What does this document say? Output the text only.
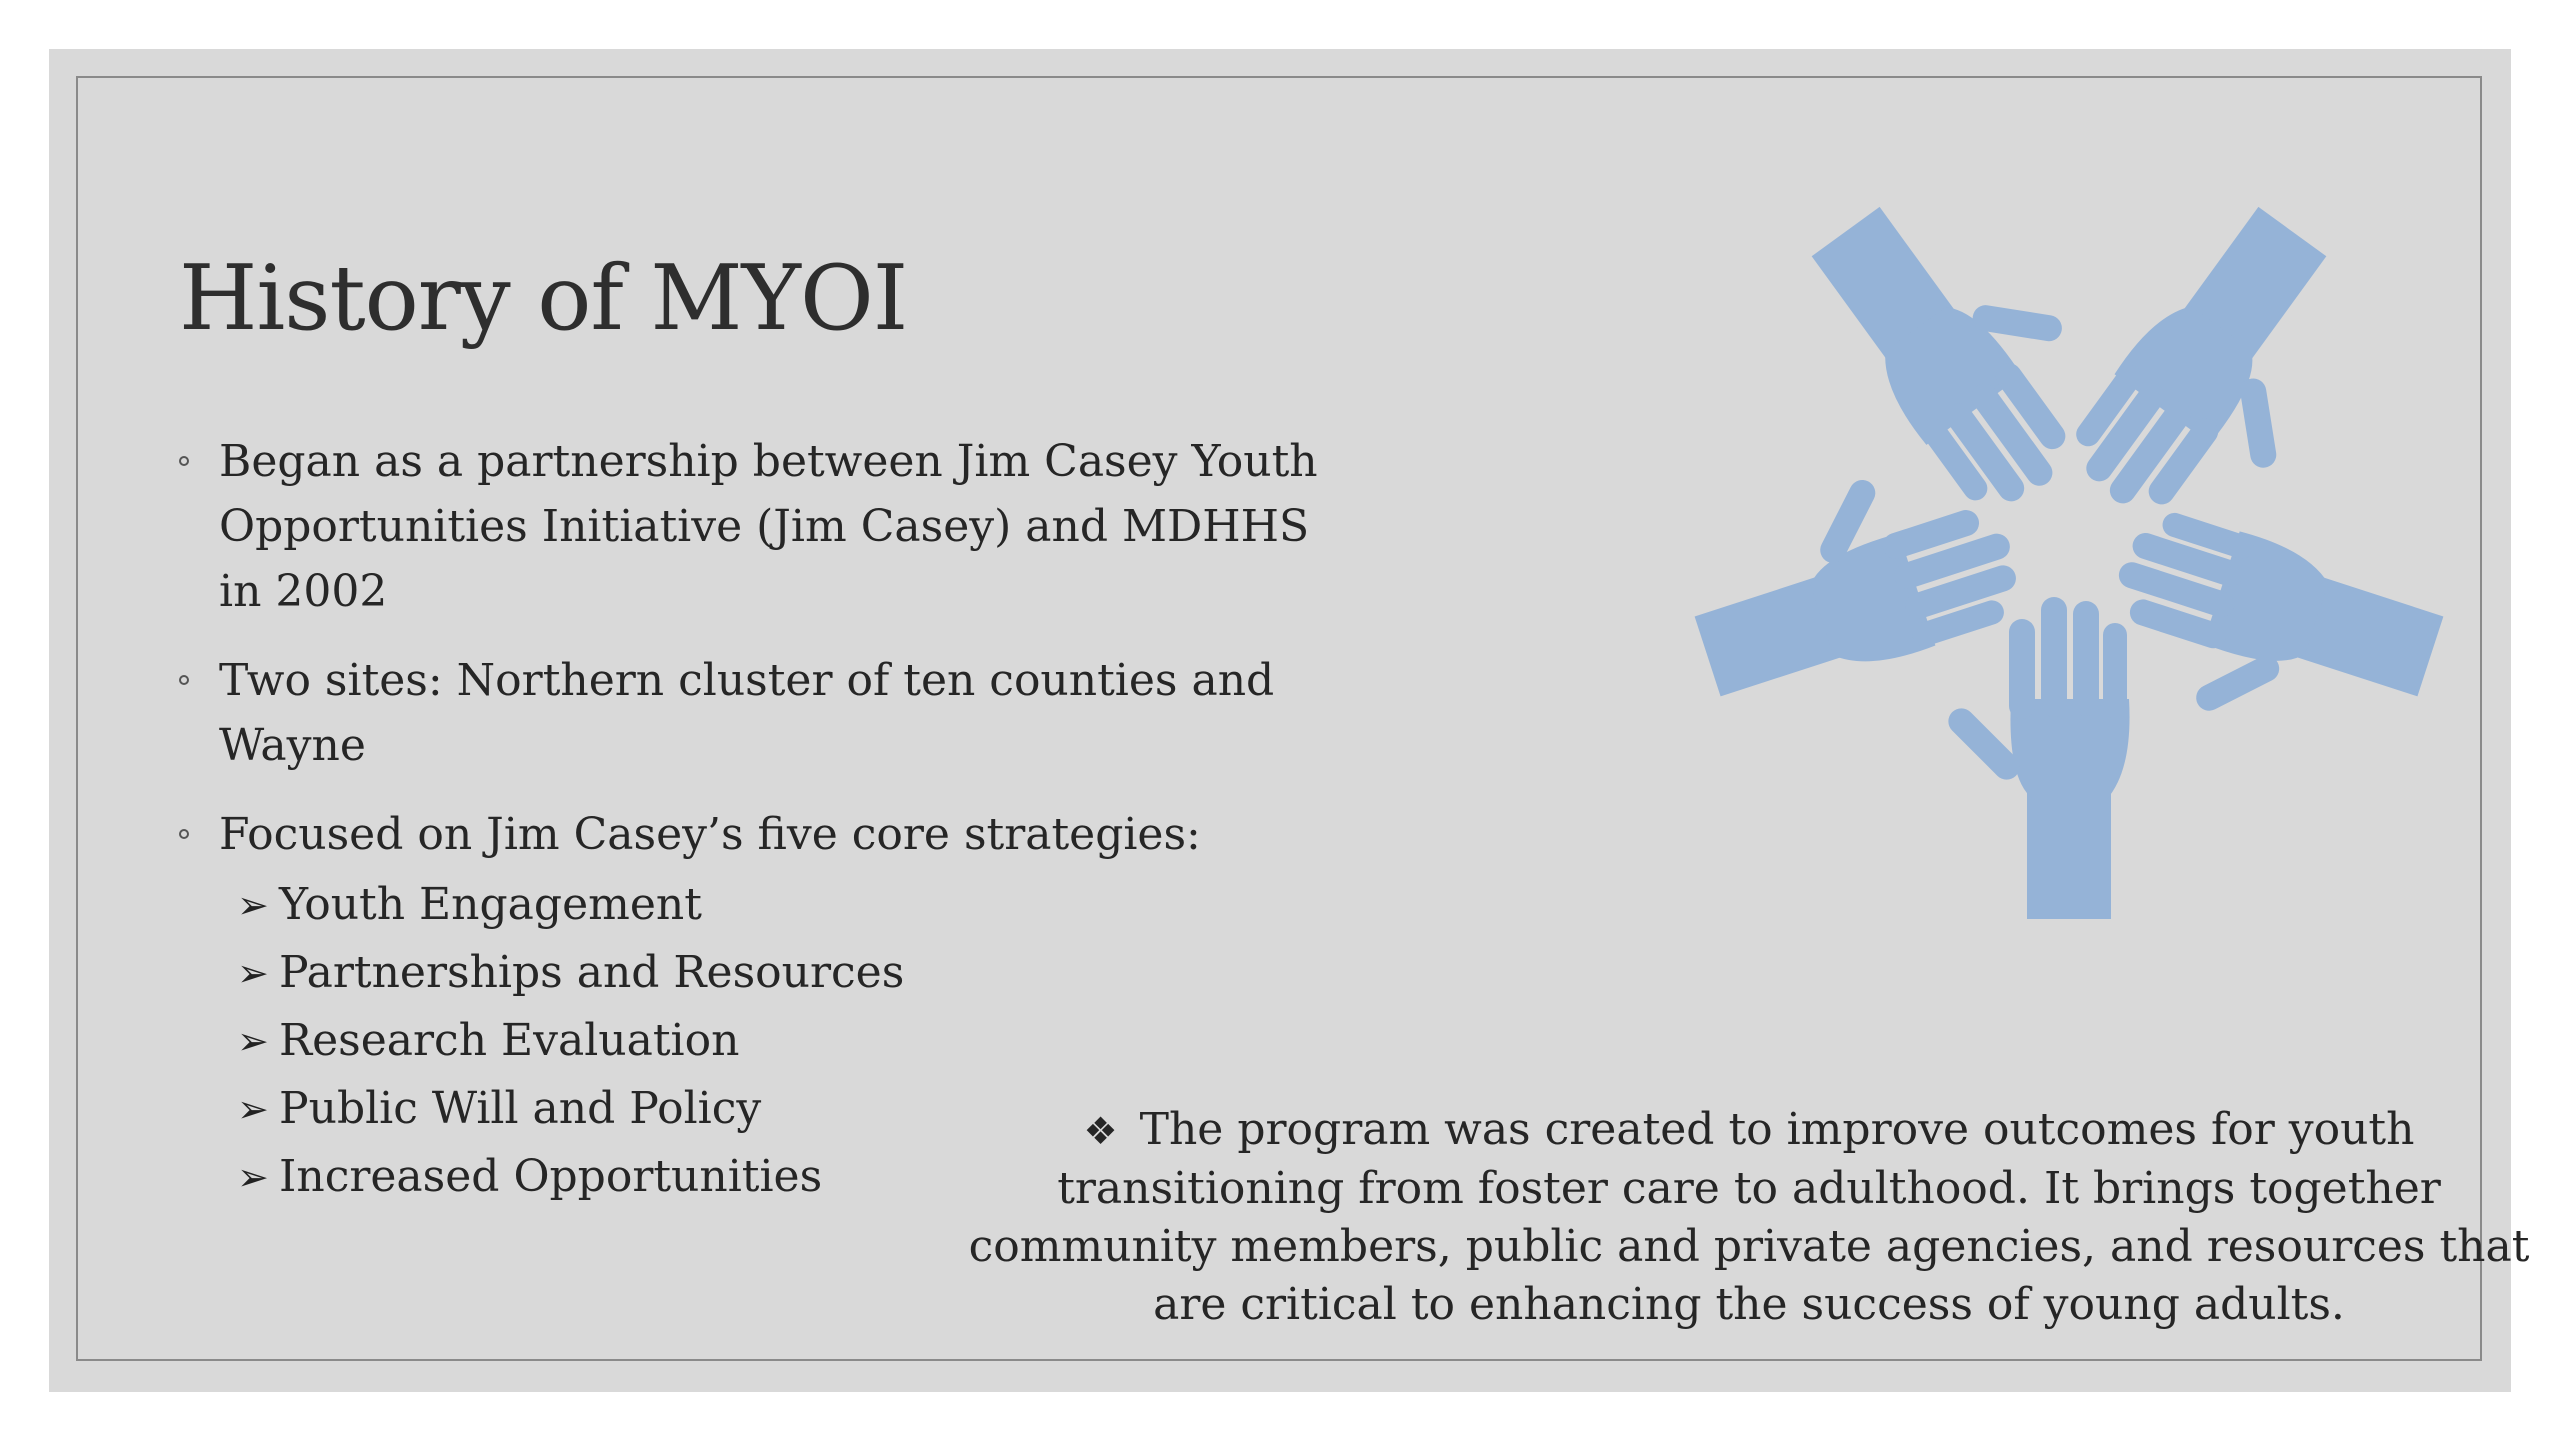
History of MYOI
Began as a partnership between Jim Casey Youth Opportunities Initiative (Jim Casey) and MDHHS in 2002
Two sites: Northern cluster of ten counties and Wayne
Focused on Jim Casey’s five core strategies:
➢ Youth Engagement
➢ Partnerships and Resources
➢ Research Evaluation
➢ Public Will and Policy
➢ Increased Opportunities
❖ The program was created to improve outcomes for youth transitioning from foster care to adulthood. It brings together community members, public and private agencies, and resources that are critical to enhancing the success of young adults.
